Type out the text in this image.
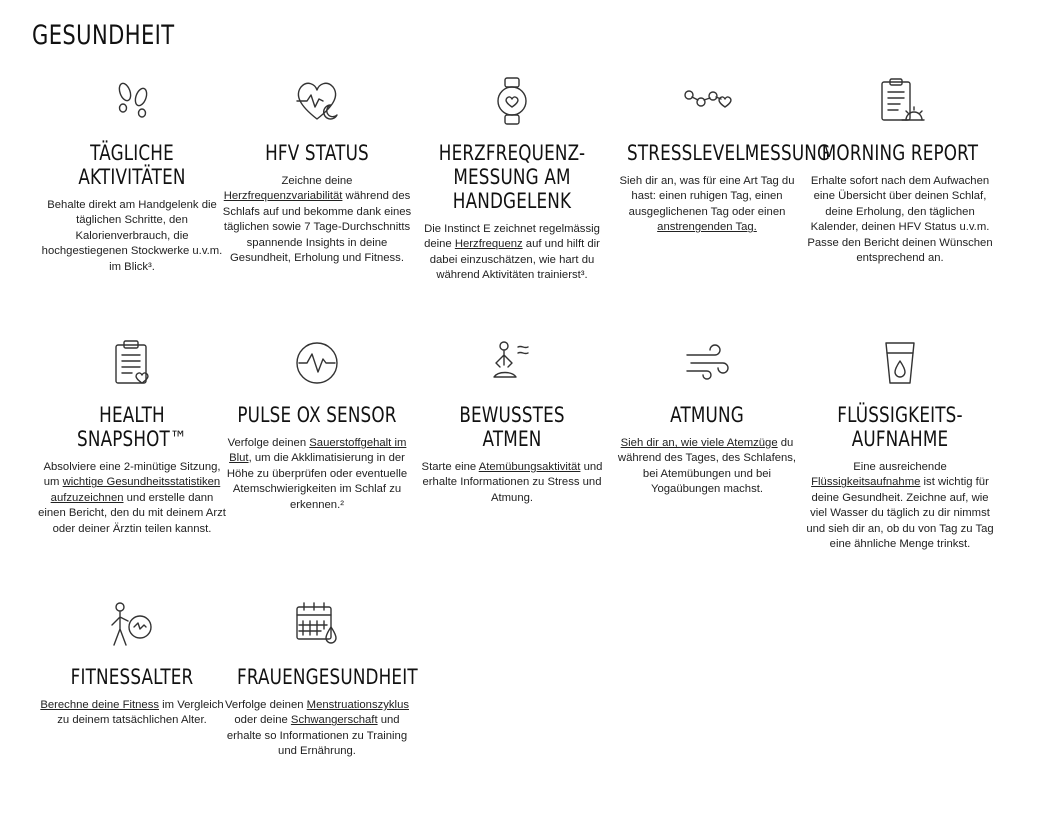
GESUNDHEIT
TÄGLICHE AKTIVITÄTEN

Behalte direkt am Handgelenk die täglichen Schritte, den Kalorienverbrauch, die hochgestiegenen Stockwerke u.v.m. im Blick³.

HFV STATUS

Zeichne deine Herzfrequenzvariabilität während des Schlafs auf und bekomme dank eines täglichen sowie 7 Tage-Durchschnitts spannende Insights in deine Gesundheit, Erholung und Fitness.

HERZFREQUENZ-MESSUNG AM HANDGELENK

Die Instinct E zeichnet regelmässig deine Herzfrequenz auf und hilft dir dabei einzuschätzen, wie hart du während Aktivitäten trainierst³.

STRESSLEVELMESSUNG

Sieh dir an, was für eine Art Tag du hast: einen ruhigen Tag, einen ausgeglichenen Tag oder einen anstrengenden Tag.

MORNING REPORT

Erhalte sofort nach dem Aufwachen eine Übersicht über deinen Schlaf, deine Erholung, den täglichen Kalender, deinen HFV Status u.v.m. Passe den Bericht deinen Wünschen entsprechend an.

HEALTH SNAPSHOT™

Absolviere eine 2-minütige Sitzung, um wichtige Gesundheitsstatistiken aufzuzeichnen und erstelle dann einen Bericht, den du mit deinem Arzt oder deiner Ärztin teilen kannst.

PULSE OX SENSOR

Verfolge deinen Sauerstoffgehalt im Blut, um die Akklimatisierung in der Höhe zu überprüfen oder eventuelle Atemschwierigkeiten im Schlaf zu erkennen.²

BEWUSSTES ATMEN

Starte eine Atemübungsaktivität und erhalte Informationen zu Stress und Atmung.

ATMUNG

Sieh dir an, wie viele Atemzüge du während des Tages, des Schlafens, bei Atemübungen und bei Yogaübungen machst.

FLÜSSIGKEITS-AUFNAHME

Eine ausreichende Flüssigkeitsaufnahme ist wichtig für deine Gesundheit. Zeichne auf, wie viel Wasser du täglich zu dir nimmst und sieh dir an, ob du von Tag zu Tag eine ähnliche Menge trinkst.

FITNESSALTER

Berechne deine Fitness im Vergleich zu deinem tatsächlichen Alter.

FRAUENGESUNDHEIT

Verfolge deinen Menstruationszyklus oder deine Schwangerschaft und erhalte so Informationen zu Training und Ernährung.
